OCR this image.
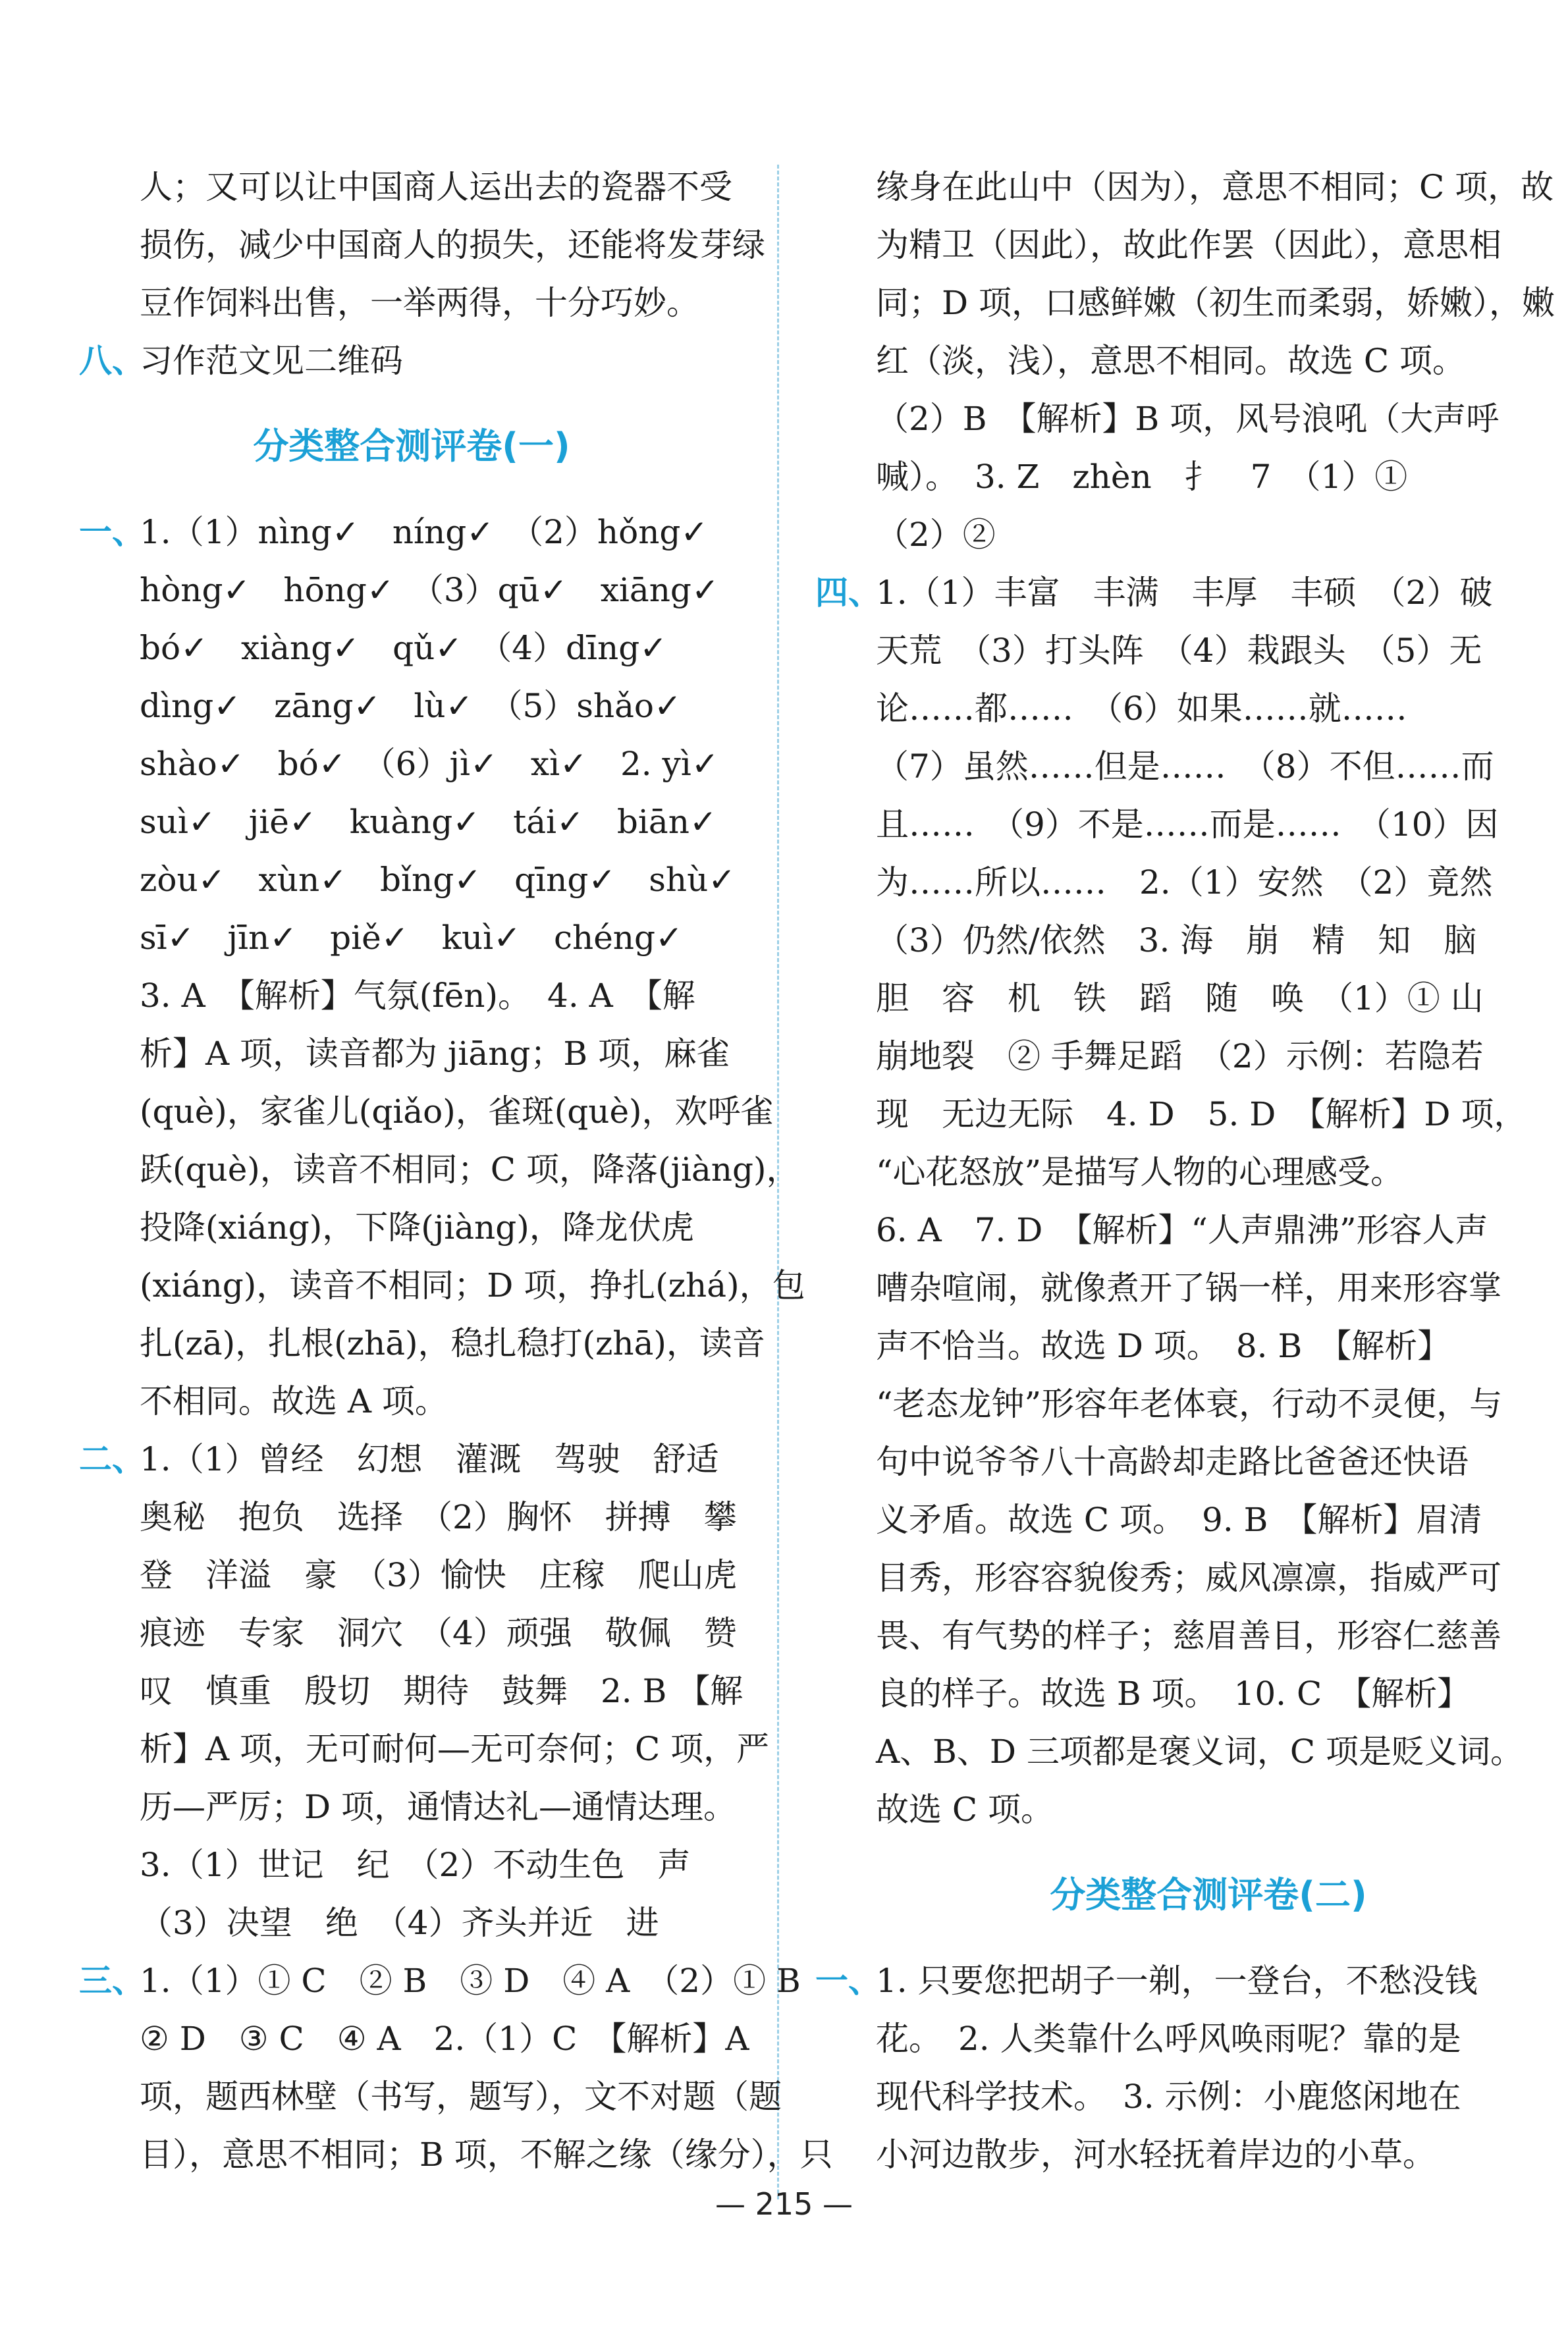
人；又可以让中国商人运出去的瓷器不受
损伤，减少中国商人的损失，还能将发芽绿
豆作饲料出售，一举两得，十分巧妙。
八、习作范文见二维码
分类整合测评卷(一)
一、1.（1）nìng✓　níng✓　（2）hǒng✓
hòng✓　hōng✓　（3）qū✓　xiāng✓
bó✓　xiàng✓　qǔ✓　（4）dīng✓
dìng✓　zāng✓　lù✓　（5）shǎo✓
shào✓　bó✓　（6）jì✓　xì✓　2. yì✓
suì✓　jiē✓　kuàng✓　tái✓　biān✓
zòu✓　xùn✓　bǐng✓　qīng✓　shù✓
sī✓　jīn✓　piě✓　kuì✓　chéng✓
3. A　【解析】气氛(fēn)。　4. A　【解
析】A 项，读音都为 jiāng；B 项，麻雀
(què)，家雀儿(qiǎo)，雀斑(què)，欢呼雀
跃(què)，读音不相同；C 项，降落(jiàng)，
投降(xiáng)，下降(jiàng)，降龙伏虎
(xiáng)，读音不相同；D 项，挣扎(zhá)，包
扎(zā)，扎根(zhā)，稳扎稳打(zhā)，读音
不相同。故选 A 项。
二、1.（1）曾经　幻想　灌溉　驾驶　舒适
奥秘　抱负　选择　（2）胸怀　拼搏　攀
登　洋溢　豪　（3）愉快　庄稼　爬山虎
痕迹　专家　洞穴　（4）顽强　敬佩　赞
叹　慎重　殷切　期待　鼓舞　2. B 【解
析】A 项，无可耐何—无可奈何；C 项，严
历—严厉；D 项，通情达礼—通情达理。
3.（1）世记　纪　（2）不动生色　声
（3）决望　绝　（4）齐头并近　进
三、1.（1）① C　② B　③ D　④ A　（2）① B
② D　③ C　④ A　2.（1）C　【解析】A
项，题西林壁（书写，题写），文不对题（题
目），意思不相同；B 项，不解之缘（缘分），只
缘身在此山中（因为），意思不相同；C 项，故
为精卫（因此），故此作罢（因此），意思相
同；D 项，口感鲜嫩（初生而柔弱，娇嫩），嫩
红（淡，浅），意思不相同。故选 C 项。
（2）B　【解析】B 项，风号浪吼（大声呼
喊）。　3. Z　zhèn　扌　7　（1）①
（2）②
四、1.（1）丰富　丰满　丰厚　丰硕　（2）破
天荒　（3）打头阵　（4）栽跟头　（5）无
论……都……　（6）如果……就……
（7）虽然……但是……　（8）不但……而
且……　（9）不是……而是……　（10）因
为……所以……　2.（1）安然　（2）竟然
（3）仍然/依然　3. 海　崩　精　知　脑
胆　容　机　铁　蹈　随　唤　（1）① 山
崩地裂　② 手舞足蹈　（2）示例：若隐若
现　无边无际　4. D　5. D　【解析】D 项，
“心花怒放”是描写人物的心理感受。
6. A　7. D　【解析】“人声鼎沸”形容人声
嘈杂喧闹，就像煮开了锅一样，用来形容掌
声不恰当。故选 D 项。　8. B　【解析】
“老态龙钟”形容年老体衰，行动不灵便，与
句中说爷爷八十高龄却走路比爸爸还快语
义矛盾。故选 C 项。　9. B　【解析】眉清
目秀，形容容貌俊秀；威风凛凛，指威严可
畏、有气势的样子；慈眉善目，形容仁慈善
良的样子。故选 B 项。　10. C　【解析】
A、B、D 三项都是褒义词，C 项是贬义词。
故选 C 项。
分类整合测评卷(二)
一、1. 只要您把胡子一剃，一登台，不愁没钱
花。　2. 人类靠什么呼风唤雨呢？靠的是
现代科学技术。　3. 示例：小鹿悠闲地在
小河边散步，河水轻抚着岸边的小草。
— 215 —
